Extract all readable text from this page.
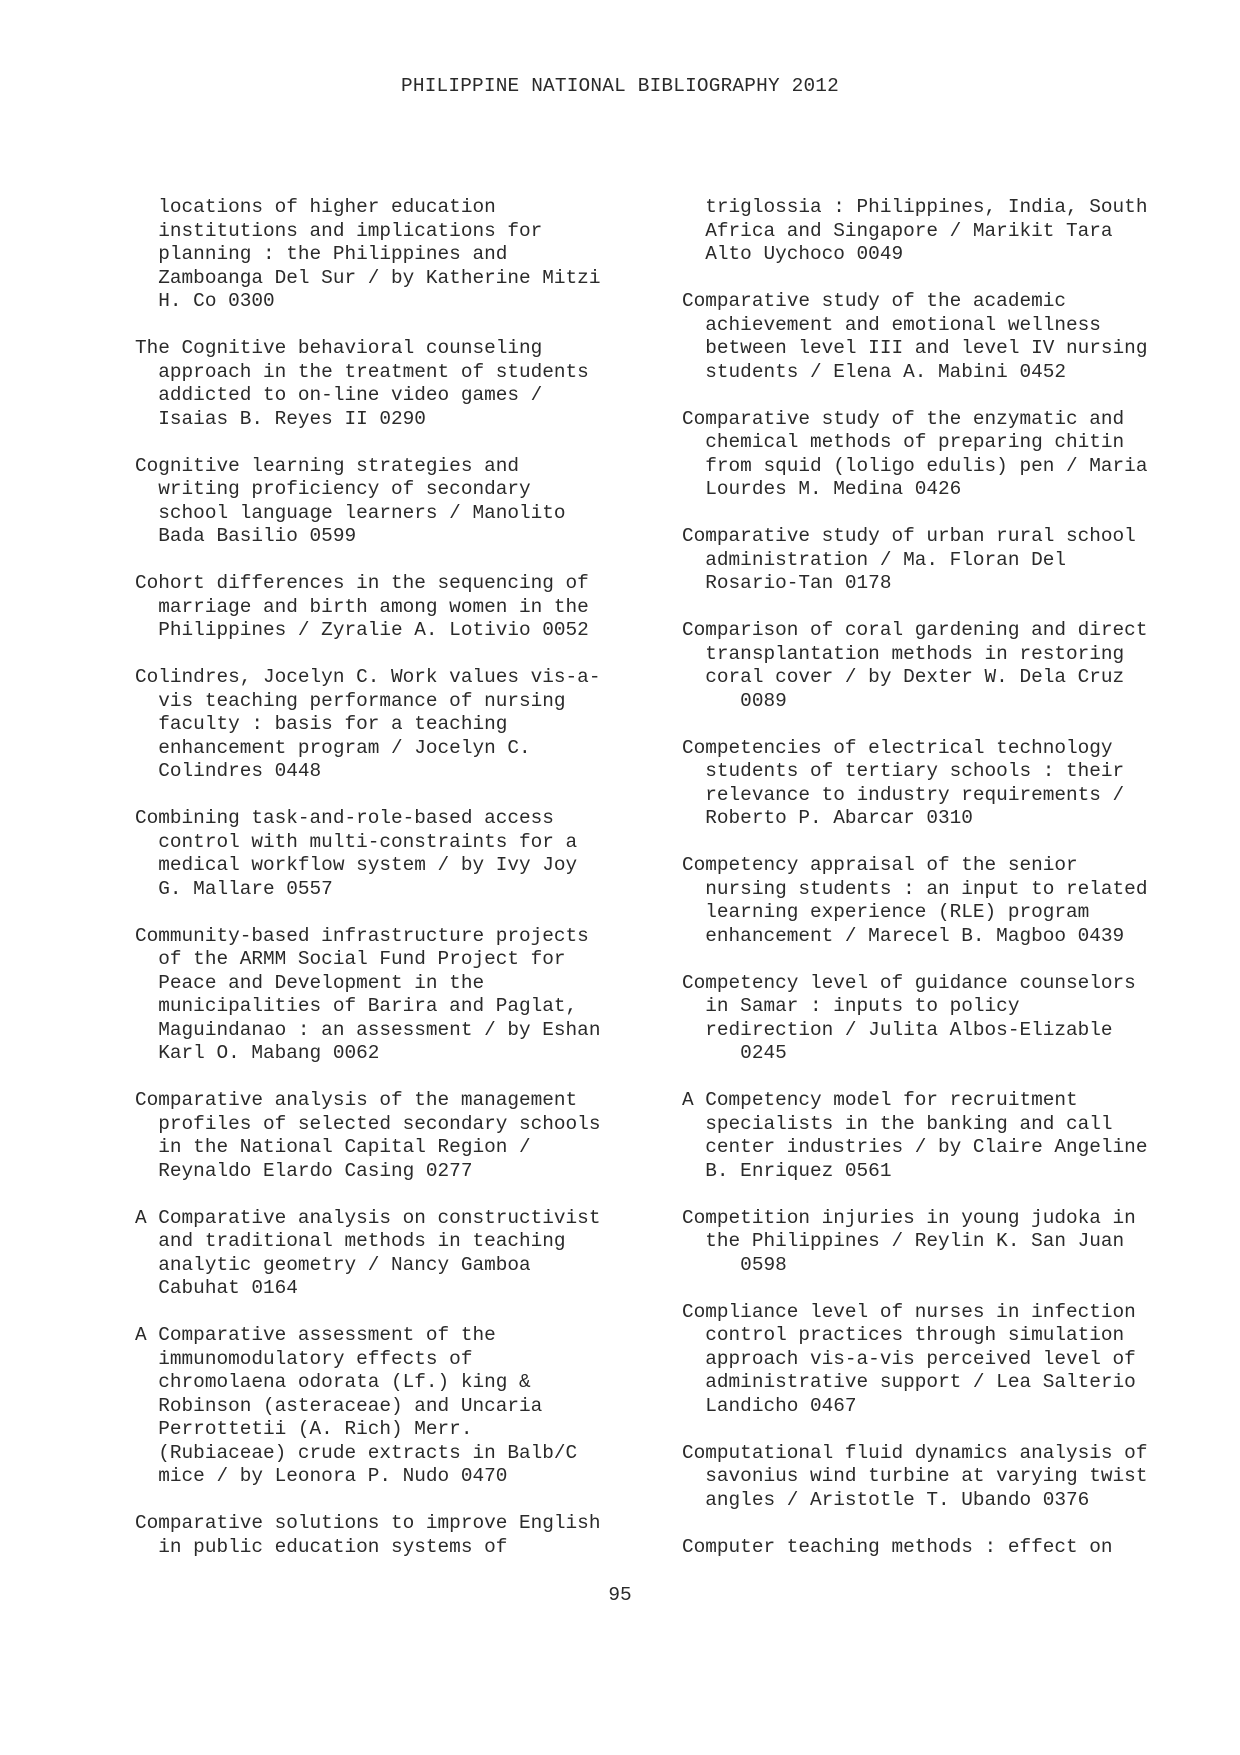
PHILIPPINE NATIONAL BIBLIOGRAPHY 2012

locations of higher education
institutions and implications for
planning : the Philippines and
Zamboanga Del Sur / by Katherine Mitzi
H. Co 0300

The Cognitive behavioral counseling
approach in the treatment of students
addicted to on-line video games /
Isaias B. Reyes II 0290

Cognitive learning strategies and
writing proficiency of secondary
school language learners / Manolito
Bada Basilio 0599

Cohort differences in the sequencing of
marriage and birth among women in the
Philippines / Zyralie A. Lotivio 0052

Colindres, Jocelyn C. Work values vis-a-
vis teaching performance of nursing
faculty : basis for a teaching
enhancement program / Jocelyn C.
Colindres 0448

Combining task-and-role-based access
control with multi-constraints for a
medical workflow system / by Ivy Joy
G. Mallare 0557

Community-based infrastructure projects
of the ARMM Social Fund Project for
Peace and Development in the
municipalities of Barira and Paglat,
Maguindanao : an assessment / by Eshan
Karl O. Mabang 0062

Comparative analysis of the management
profiles of selected secondary schools
in the National Capital Region /
Reynaldo Elardo Casing 0277

A Comparative analysis on constructivist
and traditional methods in teaching
analytic geometry / Nancy Gamboa
Cabuhat 0164

A Comparative assessment of the
immunomodulatory effects of
chromolaena odorata (Lf.) king &
Robinson (asteraceae) and Uncaria
Perrottetii (A. Rich) Merr.
(Rubiaceae) crude extracts in Balb/C
mice / by Leonora P. Nudo 0470

Comparative solutions to improve English
in public education systems of

triglossia : Philippines, India, South
Africa and Singapore / Marikit Tara
Alto Uychoco 0049

Comparative study of the academic
achievement and emotional wellness
between level III and level IV nursing
students / Elena A. Mabini 0452

Comparative study of the enzymatic and
chemical methods of preparing chitin
from squid (loligo edulis) pen / Maria
Lourdes M. Medina 0426

Comparative study of urban rural school
administration / Ma. Floran Del
Rosario-Tan 0178

Comparison of coral gardening and direct
transplantation methods in restoring
coral cover / by Dexter W. Dela Cruz
0089

Competencies of electrical technology
students of tertiary schools : their
relevance to industry requirements /
Roberto P. Abarcar 0310

Competency appraisal of the senior
nursing students : an input to related
learning experience (RLE) program
enhancement / Marecel B. Magboo 0439

Competency level of guidance counselors
in Samar : inputs to policy
redirection / Julita Albos-Elizable
0245

A Competency model for recruitment
specialists in the banking and call
center industries / by Claire Angeline
B. Enriquez 0561

Competition injuries in young judoka in
the Philippines / Reylin K. San Juan
0598

Compliance level of nurses in infection
control practices through simulation
approach vis-a-vis perceived level of
administrative support / Lea Salterio
Landicho 0467

Computational fluid dynamics analysis of
savonius wind turbine at varying twist
angles / Aristotle T. Ubando 0376

Computer teaching methods : effect on

95
